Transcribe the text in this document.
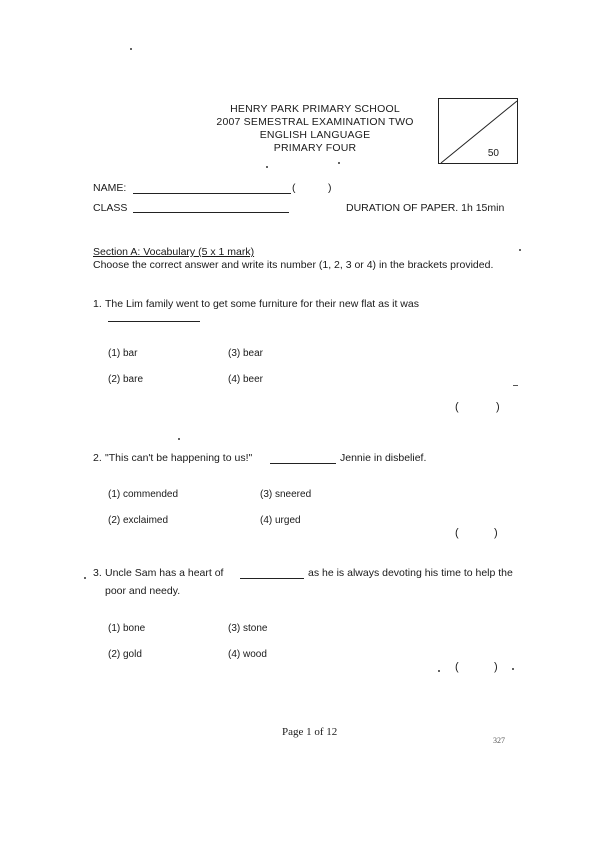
HENRY PARK PRIMARY SCHOOL
2007 SEMESTRAL EXAMINATION TWO
ENGLISH LANGUAGE
PRIMARY FOUR	50
NAME:	(	)
CLASS	DURATION OF PAPER. 1h 15min
Section A: Vocabulary (5 x 1 mark)
Choose the correct answer and write its number (1, 2, 3 or 4) in the brackets provided.
1. The Lim family went to get some furniture for their new flat as it was
(1) bar
(2) bare
(3) bear
(4) beer
(	)
2. "This can't be happening to us!"	Jennie in disbelief.
(1) commended
(2) exclaimed
(3) sneered
(4) urged
(	)
3. Uncle Sam has a heart of	as he is always devoting his time to help the
poor and needy.
(1) bone
(2) gold
(3) stone
(4) wood
(	)
Page 1 of 12
327
